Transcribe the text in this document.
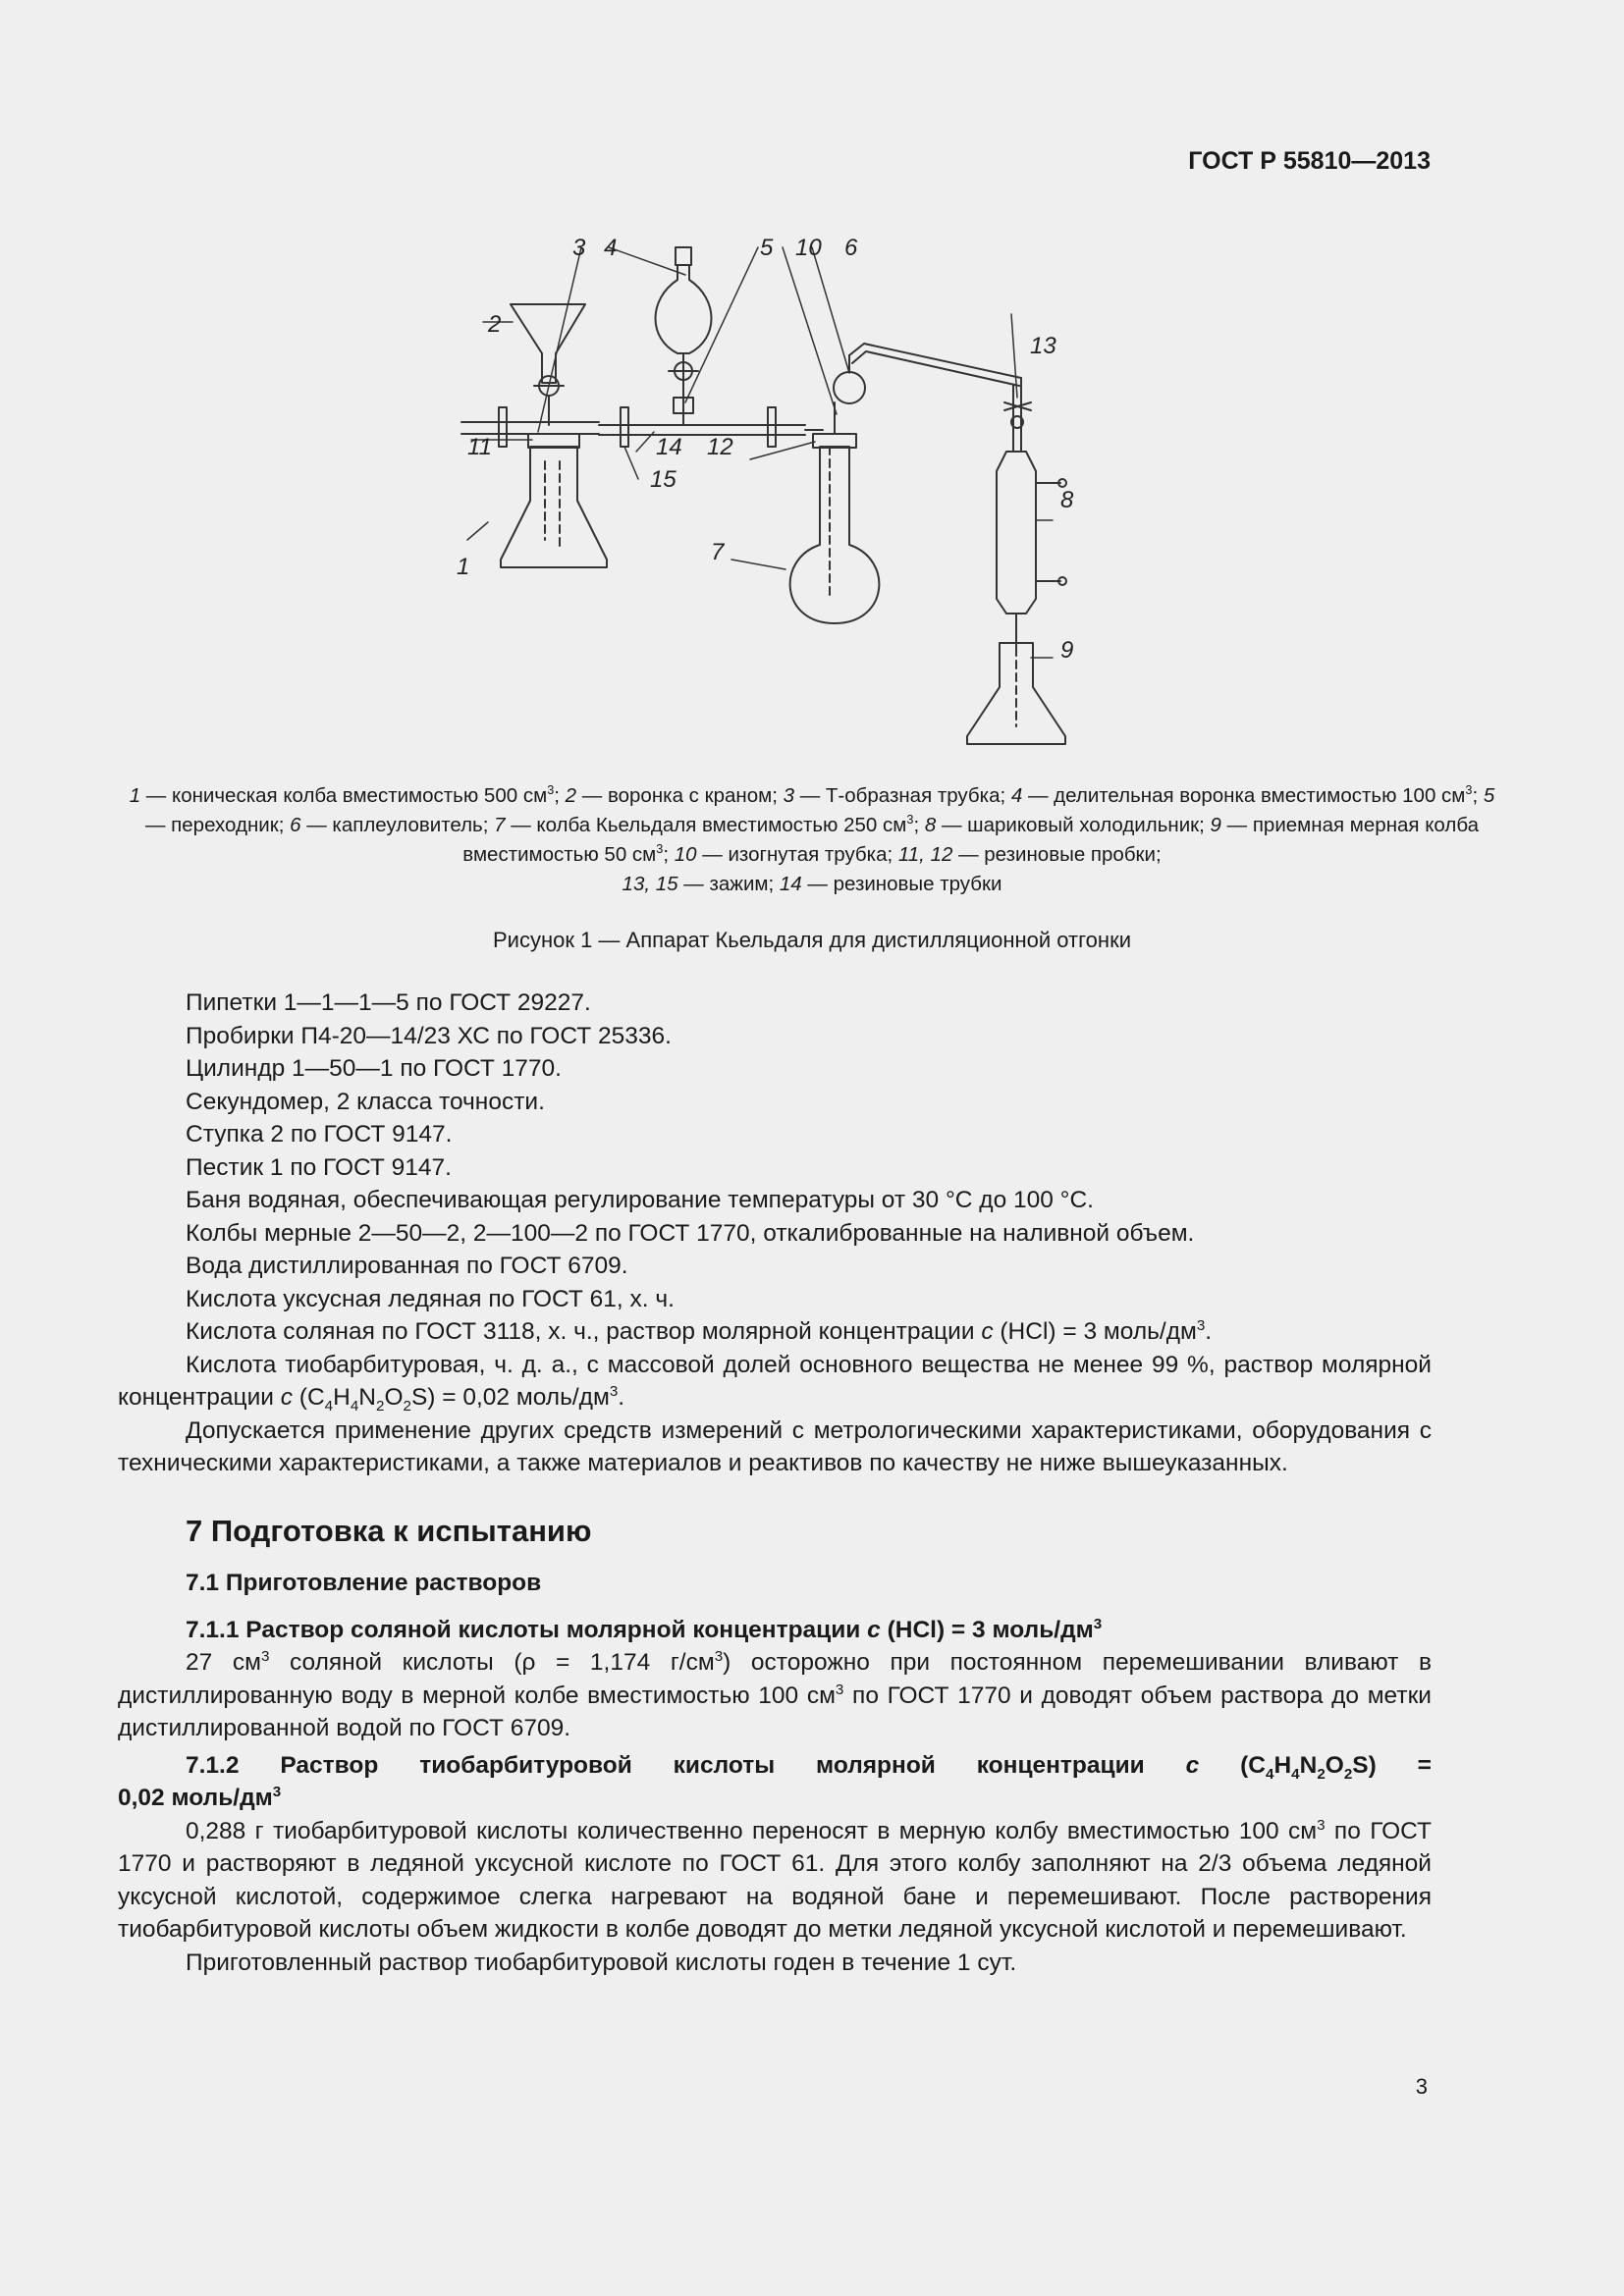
ГОСТ Р 55810—2013
1
2
3 4	5	6
7
8
9
10
11	12
13
14
15
1 — коническая колба вместимостью 500 $см^3$; 2 — воронка с краном; 3 — Т-образная трубка; 4 — делительная воронка вместимостью 100 $см^3$; 5 — переходник; 6 — каплеуловитель; 7 — колба Кьельдаля вместимостью 250 $см^3$; 8 — шариковый холодильник; 9 — приемная мерная колба вместимостью 50 $см^3$; 10 — изогнутая трубка; 11, 12 — резиновые пробки;
13, 15 — зажим; 14 — резиновые трубки
Рисунок 1 — Аппарат Кьельдаля для дистилляционной отгонки

Пипетки 1—1—1—5 по ГОСТ 29227.

Пробирки П4-20—14/23 ХС по ГОСТ 25336.

Цилиндр 1—50—1 по ГОСТ 1770.

Секундомер, 2 класса точности.

Ступка 2 по ГОСТ 9147.

Пестик 1 по ГОСТ 9147.

Баня водяная, обеспечивающая регулирование температуры от 30 °С до 100 °С.

Колбы мерные 2—50—2, 2—100—2 по ГОСТ 1770, откалиброванные на наливной объем.

Вода дистиллированная по ГОСТ 6709.

Кислота уксусная ледяная по ГОСТ 61, х. ч.

Кислота соляная по ГОСТ 3118, х. ч., раствор молярной концентрации c (HCl) = 3 моль/$дм^3$.

Кислота тиобарбитуровая, ч. д. а., с массовой долей основного вещества не менее 99 %, раствор молярной концентрации c $(C_4H_4N_2O_2S) = 0,02$ моль/$дм^3$.

Допускается применение других средств измерений с метрологическими характеристиками, оборудования с техническими характеристиками, а также материалов и реактивов по качеству не ниже вышеуказанных.

7 Подготовка к испытанию
7.1 Приготовление растворов
7.1.1 Раствор соляной кислоты молярной концентрации c (HCl) = 3 моль/$дм^3$

27 $см^3$ соляной кислоты (ρ = 1,174 $г/см^3$) осторожно при постоянном перемешивании вливают в дистиллированную воду в мерной колбе вместимостью 100 $см^3$ по ГОСТ 1770 и доводят объем раствора до метки дистиллированной водой по ГОСТ 6709.

7.1.2 Раствор тиобарбитуровой кислоты молярной концентрации c $(C_4H_4N_2O_2S)$ =
0,02 моль/$дм^3$

0,288 г тиобарбитуровой кислоты количественно переносят в мерную колбу вместимостью 100 $см^3$ по ГОСТ 1770 и растворяют в ледяной уксусной кислоте по ГОСТ 61. Для этого колбу заполняют на 2/3 объема ледяной уксусной кислотой, содержимое слегка нагревают на водяной бане и перемешивают. После растворения тиобарбитуровой кислоты объем жидкости в колбе доводят до метки ледяной уксусной кислотой и перемешивают.

Приготовленный раствор тиобарбитуровой кислоты годен в течение 1 сут.

3
